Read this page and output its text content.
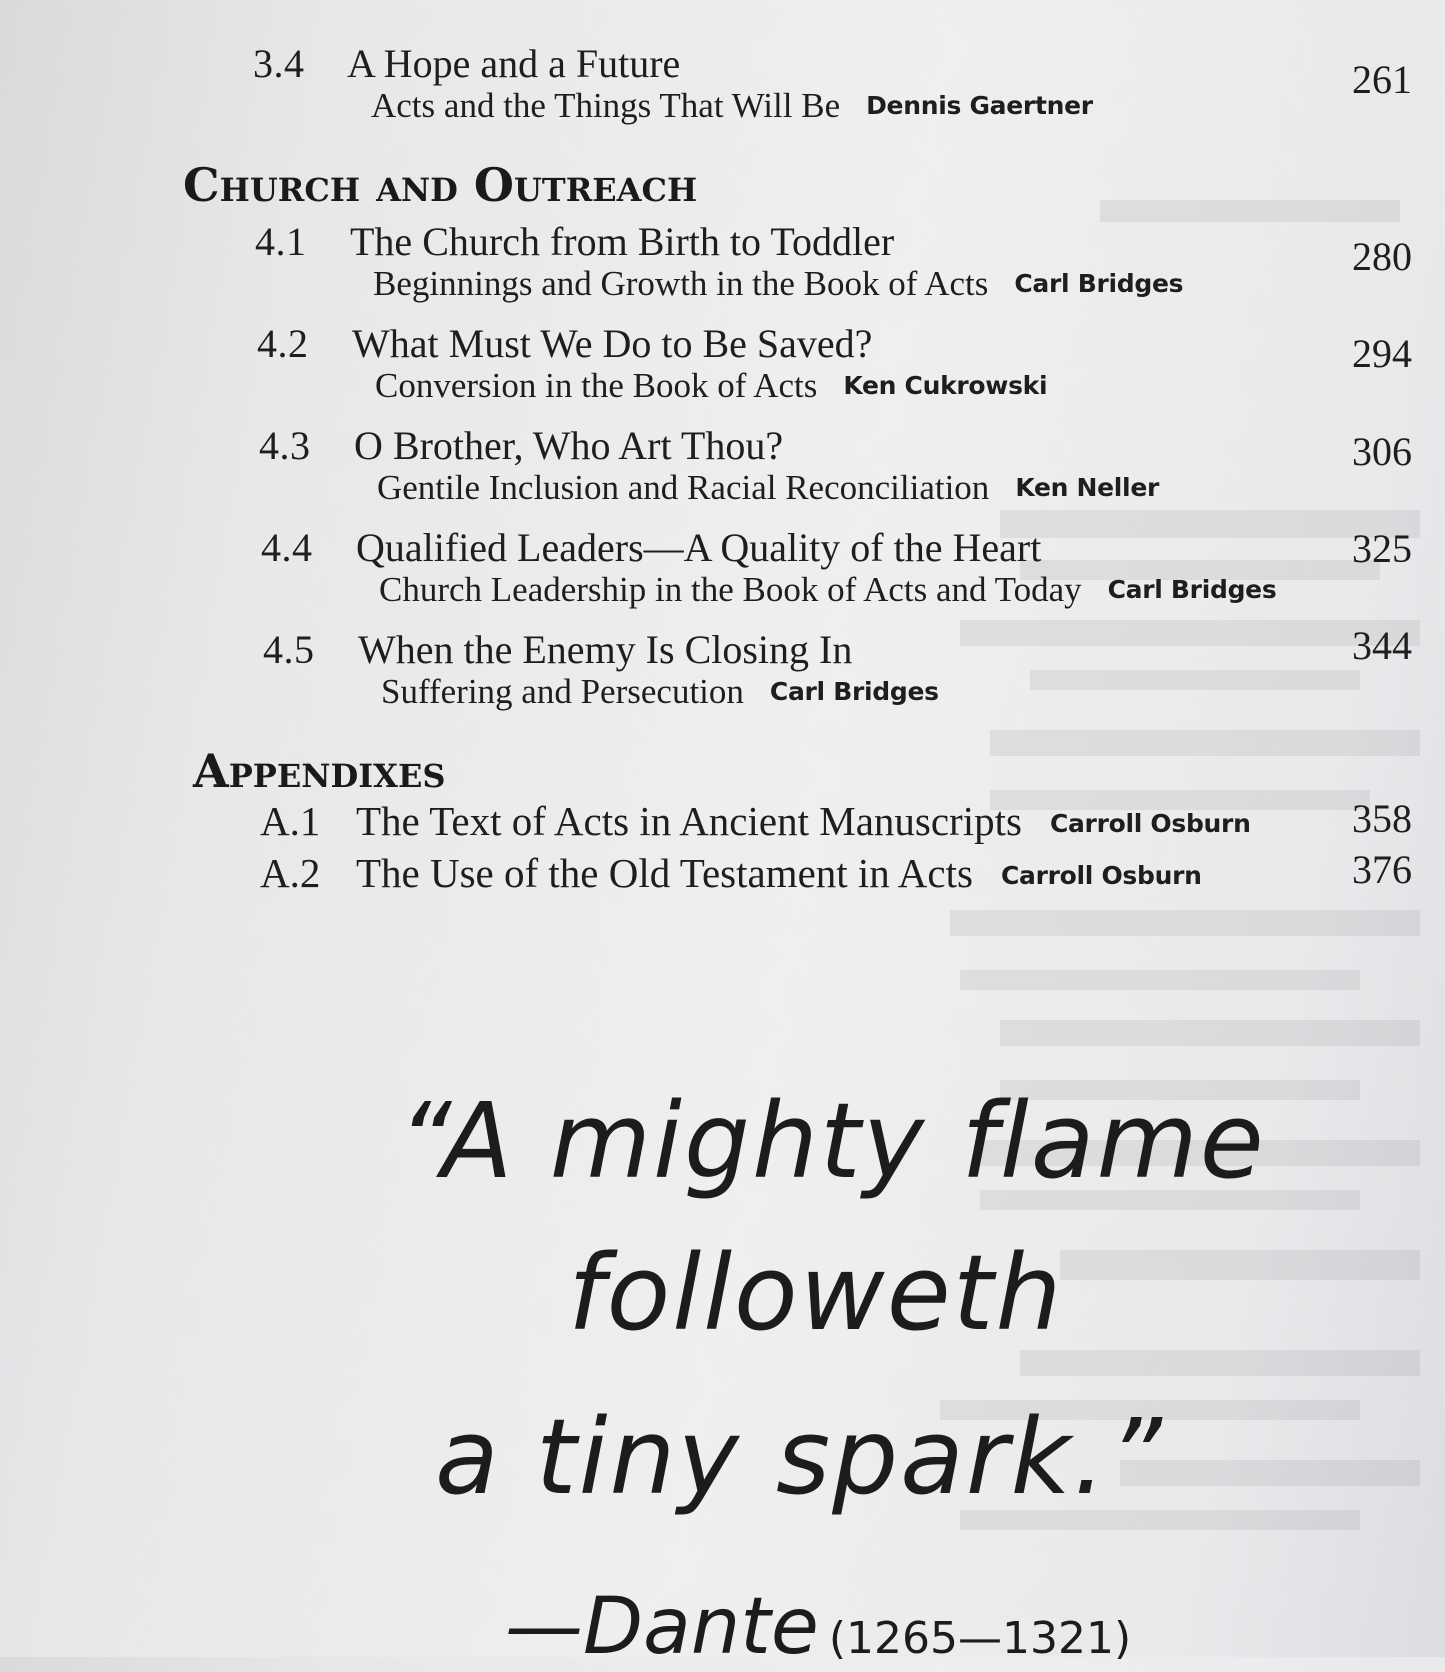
3.4 A Hope and a Future
Acts and the Things That Will Be Dennis Gaertner
261
Church and Outreach
4.1 The Church from Birth to Toddler
Beginnings and Growth in the Book of Acts Carl Bridges
280
4.2 What Must We Do to Be Saved?
Conversion in the Book of Acts Ken Cukrowski
294
4.3 O Brother, Who Art Thou?
Gentile Inclusion and Racial Reconciliation Ken Neller
306
4.4 Qualified Leaders—A Quality of the Heart
Church Leadership in the Book of Acts and Today Carl Bridges
325
4.5 When the Enemy Is Closing In
Suffering and Persecution Carl Bridges
344
Appendixes
A.1 The Text of Acts in Ancient Manuscripts Carroll Osburn	358
A.2 The Use of the Old Testament in Acts Carroll Osburn	376
“A mighty flame
followeth
a tiny spark.”
—Dante (1265—1321)
